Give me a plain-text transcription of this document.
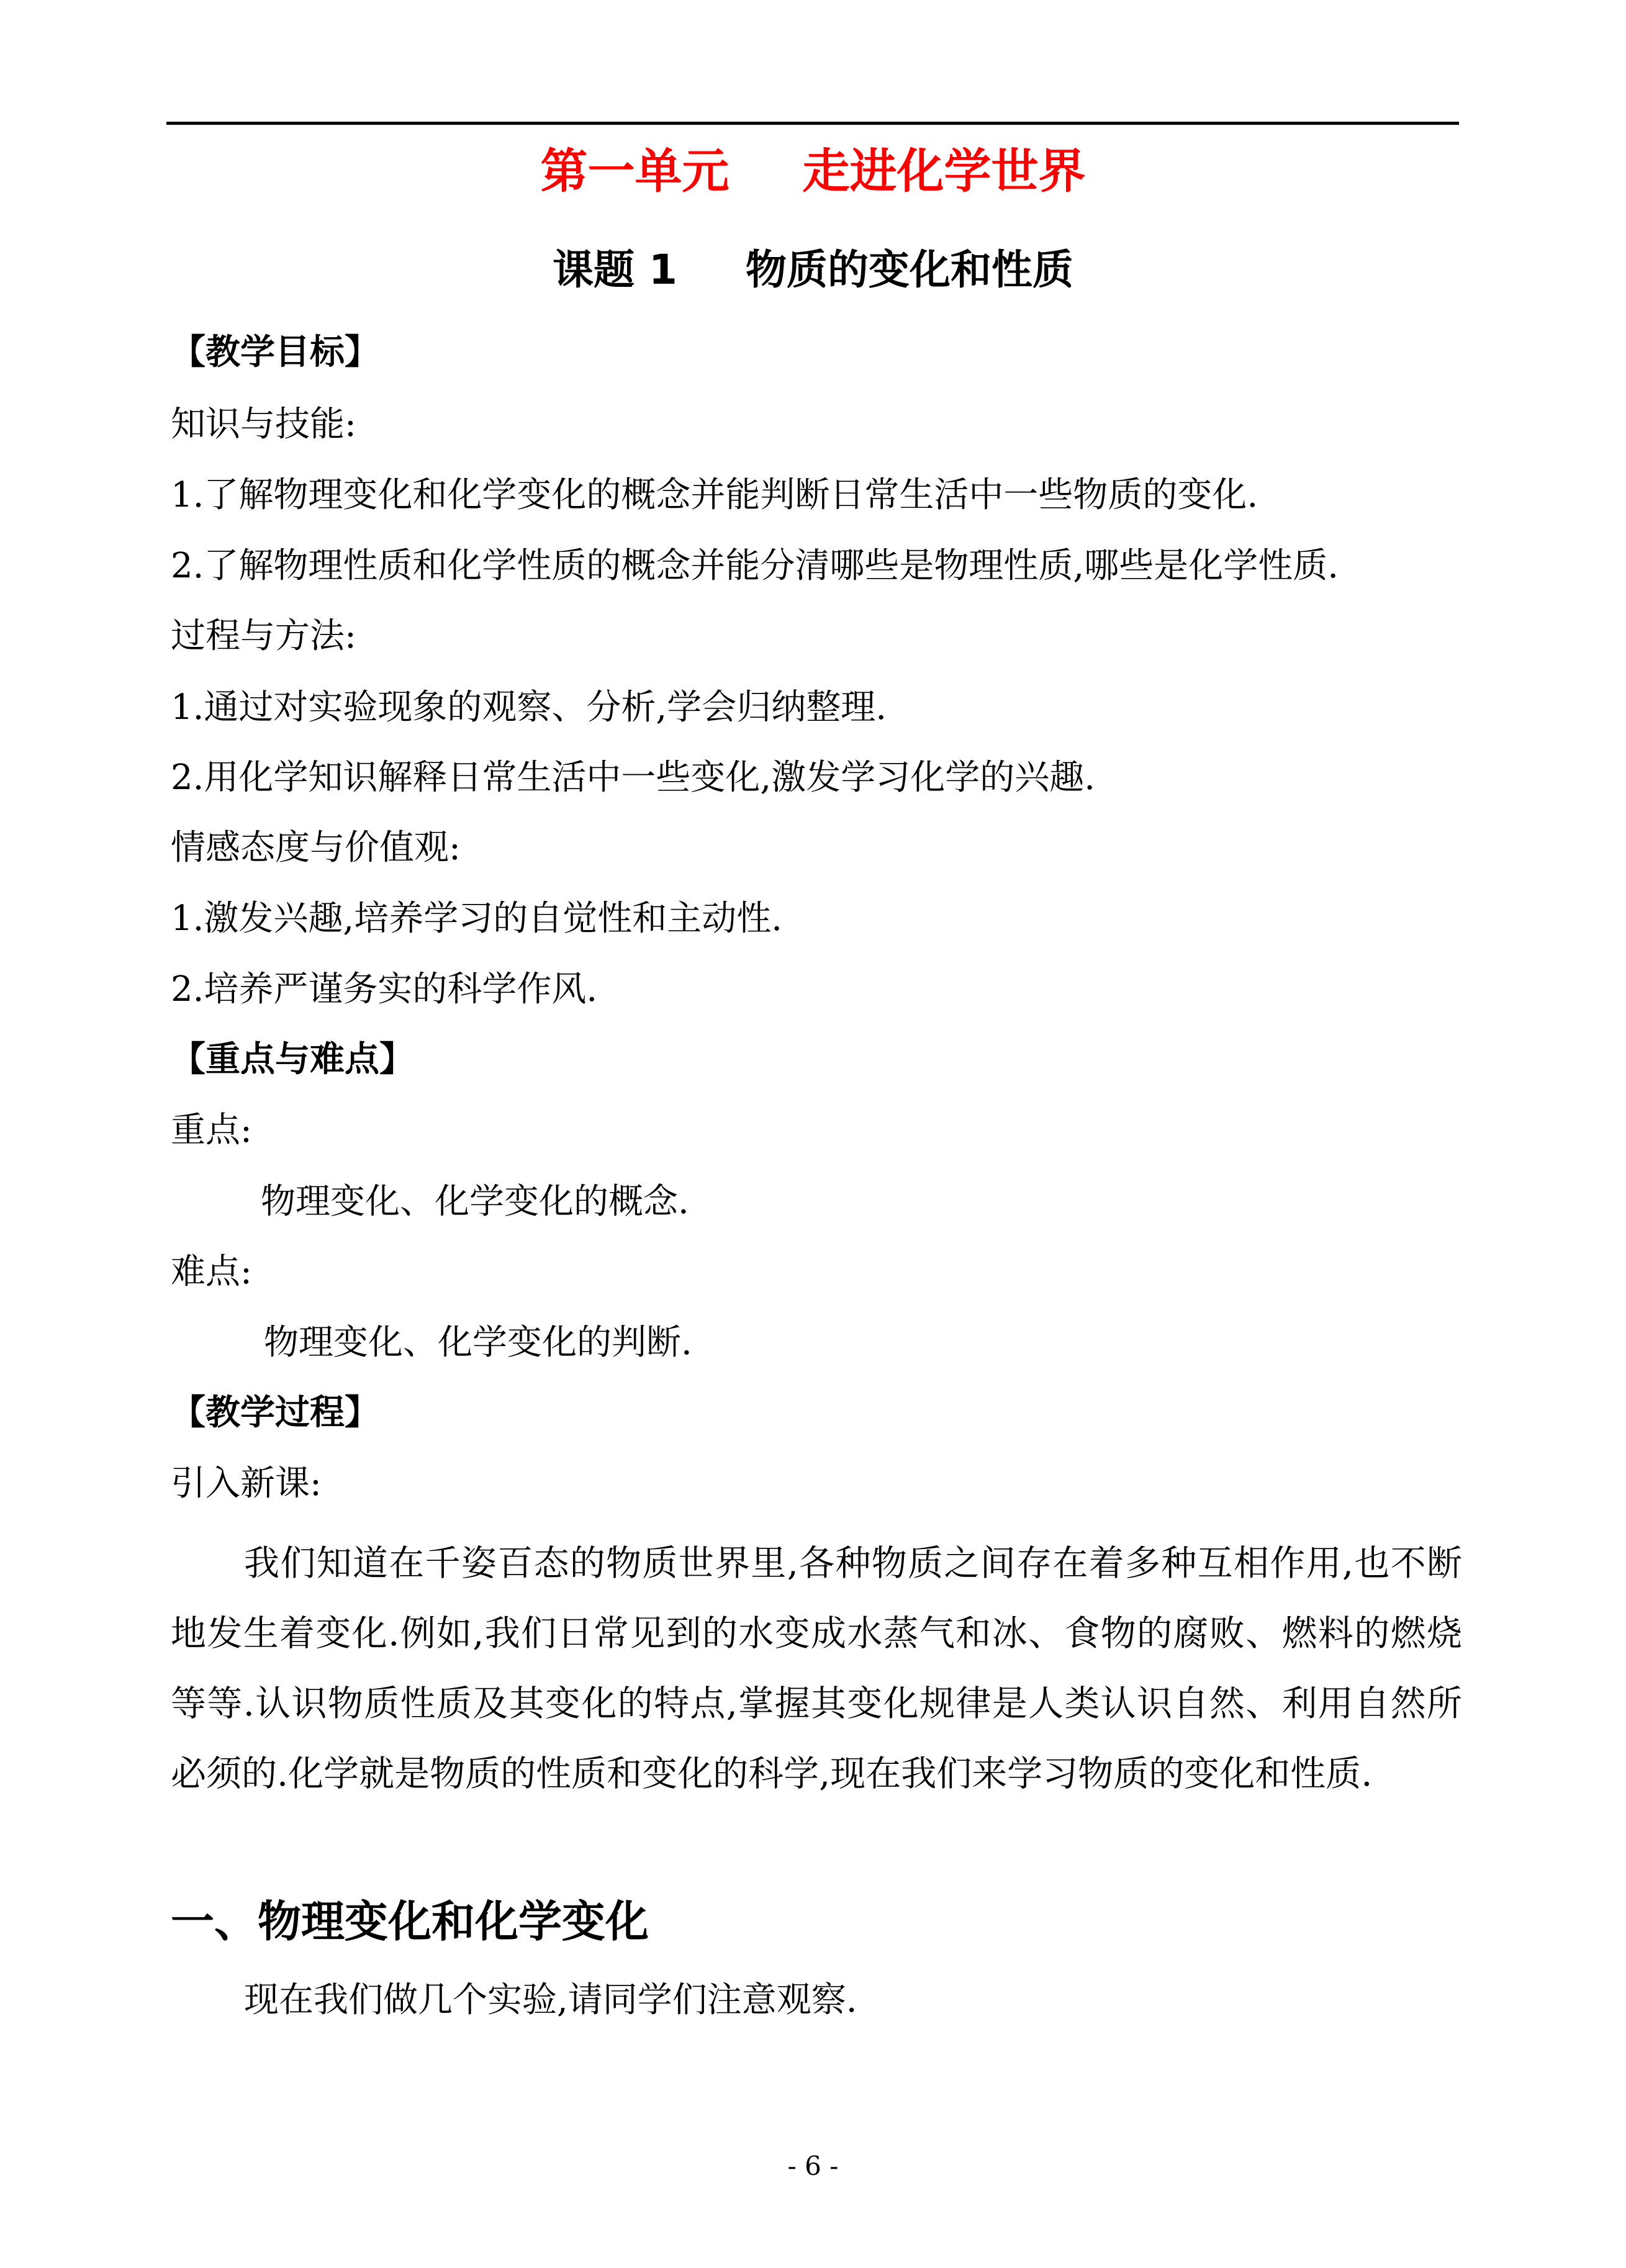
第一单元 走进化学世界
课题 1 物质的变化和性质
【教学目标】
知识与技能:
1.了解物理变化和化学变化的概念并能判断日常生活中一些物质的变化.
2.了解物理性质和化学性质的概念并能分清哪些是物理性质,哪些是化学性质.
过程与方法:
1.通过对实验现象的观察、分析,学会归纳整理.
2.用化学知识解释日常生活中一些变化,激发学习化学的兴趣.
情感态度与价值观:
1.激发兴趣,培养学习的自觉性和主动性.
2.培养严谨务实的科学作风.
【重点与难点】
重点:
物理变化、化学变化的概念.
难点:
物理变化、化学变化的判断.
【教学过程】
引入新课:
我们知道在千姿百态的物质世界里,各种物质之间存在着多种互相作用,也不断地发生着变化.例如,我们日常见到的水变成水蒸气和冰、食物的腐败、燃料的燃烧等等.认识物质性质及其变化的特点,掌握其变化规律是人类认识自然、利用自然所必须的.化学就是物质的性质和变化的科学,现在我们来学习物质的变化和性质.
一、物理变化和化学变化
现在我们做几个实验,请同学们注意观察.
- 6 -
